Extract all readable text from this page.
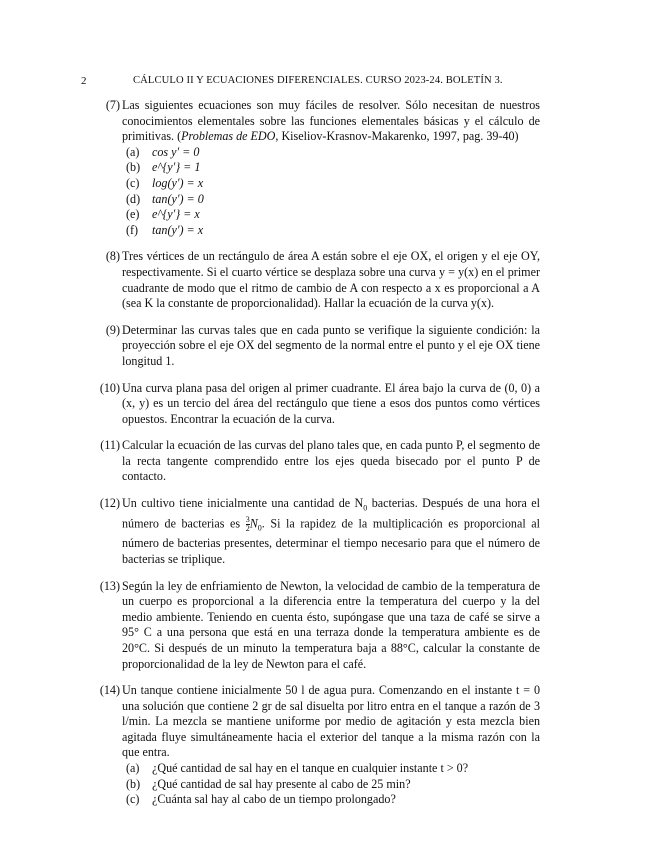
2	CÁLCULO II Y ECUACIONES DIFERENCIALES. CURSO 2023-24. BOLETÍN 3.
(7) Las siguientes ecuaciones son muy fáciles de resolver. Sólo necesitan de nuestros conocimientos elementales sobre las funciones elementales básicas y el cálculo de primitivas. (Problemas de EDO, Kiseliov-Krasnov-Makarenko, 1997, pag. 39-40)
(a)	cos y′ = 0
(b) e^{y′} = 1
(c)	log(y′) = x
(d) tan(y′) = 0
(e)	e^{y′} = x
(f)	tan(y′) = x
(8) Tres vértices de un rectángulo de área A están sobre el eje OX, el origen y el eje OY, respectivamente. Si el cuarto vértice se desplaza sobre una curva y = y(x) en el primer cuadrante de modo que el ritmo de cambio de A con respecto a x es proporcional a A (sea K la constante de proporcionalidad). Hallar la ecuación de la curva y(x).
(9) Determinar las curvas tales que en cada punto se verifique la siguiente condición: la proyección sobre el eje OX del segmento de la normal entre el punto y el eje OX tiene longitud 1.
(10) Una curva plana pasa del origen al primer cuadrante. El área bajo la curva de (0, 0) a (x, y) es un tercio del área del rectángulo que tiene a esos dos puntos como vértices opuestos. Encontrar la ecuación de la curva.
(11) Calcular la ecuación de las curvas del plano tales que, en cada punto P, el segmento de la recta tangente comprendido entre los ejes queda bisecado por el punto P de contacto.
(12) Un cultivo tiene inicialmente una cantidad de $N_0$ bacterias. Después de una hora el número de bacterias es $\frac{3}{2} N_0$. Si la rapidez de la multiplicación es proporcional al número de bacterias presentes, determinar el tiempo necesario para que el número de bacterias se triplique.
(13) Según la ley de enfriamiento de Newton, la velocidad de cambio de la temperatura de un cuerpo es proporcional a la diferencia entre la temperatura del cuerpo y la del medio ambiente. Teniendo en cuenta ésto, supóngase que una taza de café se sirve a 95° C a una persona que está en una terraza donde la temperatura ambiente es de 20°C. Si después de un minuto la temperatura baja a 88°C, calcular la constante de proporcionalidad de la ley de Newton para el café.
(14) Un tanque contiene inicialmente 50 l de agua pura. Comenzando en el instante t = 0 una solución que contiene 2 gr de sal disuelta por litro entra en el tanque a razón de 3 l/min. La mezcla se mantiene uniforme por medio de agitación y esta mezcla bien agitada fluye simultáneamente hacia el exterior del tanque a la misma razón con la que entra.
(a)	¿Qué cantidad de sal hay en el tanque en cualquier instante t > 0?
(b) ¿Qué cantidad de sal hay presente al cabo de 25 min?
(c)	¿Cuánta sal hay al cabo de un tiempo prolongado?
